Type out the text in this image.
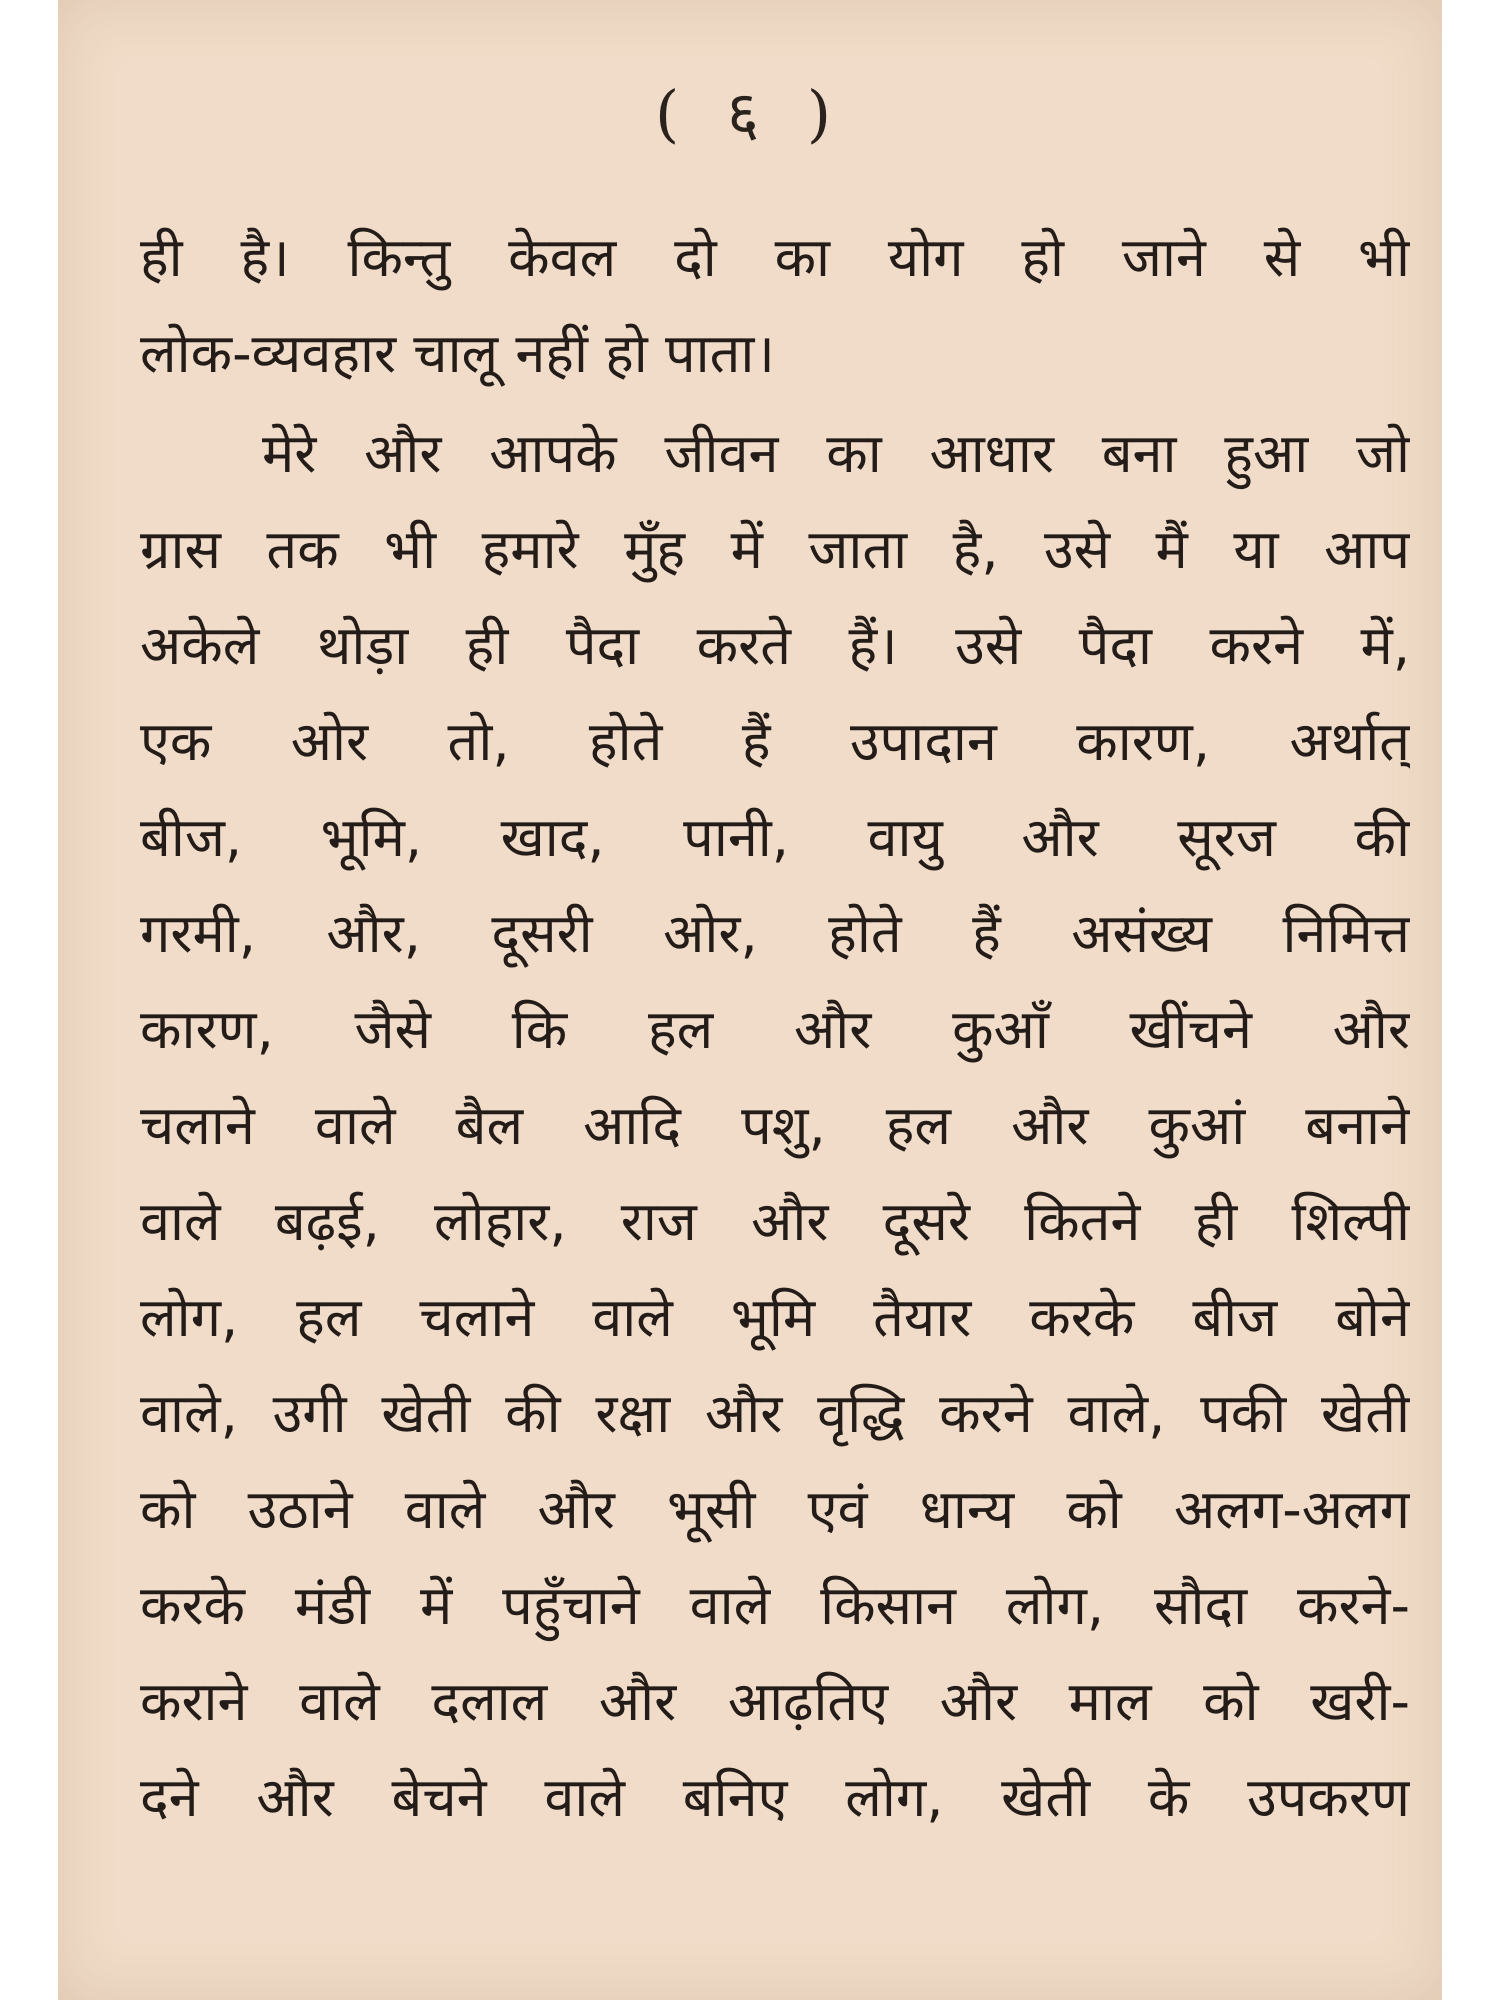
( ६ )
ही है। किन्तु केवल दो का योग हो जाने से भी
लोक-व्यवहार चालू नहीं हो पाता।
मेरे और आपके जीवन का आधार बना हुआ जो
ग्रास तक भी हमारे मुँह में जाता है, उसे मैं या आप
अकेले थोड़ा ही पैदा करते हैं। उसे पैदा करने में,
एक ओर तो, होते हैं उपादान कारण, अर्थात्
बीज, भूमि, खाद, पानी, वायु और सूरज की
गरमी, और, दूसरी ओर, होते हैं असंख्य निमित्त
कारण, जैसे कि हल और कुआँ खींचने और
चलाने वाले बैल आदि पशु, हल और कुआं बनाने
वाले बढ़ई, लोहार, राज और दूसरे कितने ही शिल्पी
लोग, हल चलाने वाले भूमि तैयार करके बीज बोने
वाले, उगी खेती की रक्षा और वृद्धि करने वाले, पकी खेती
को उठाने वाले और भूसी एवं धान्य को अलग-अलग
करके मंडी में पहुँचाने वाले किसान लोग, सौदा करने-
कराने वाले दलाल और आढ़तिए और माल को खरी-
दने और बेचने वाले बनिए लोग, खेती के उपकरण
